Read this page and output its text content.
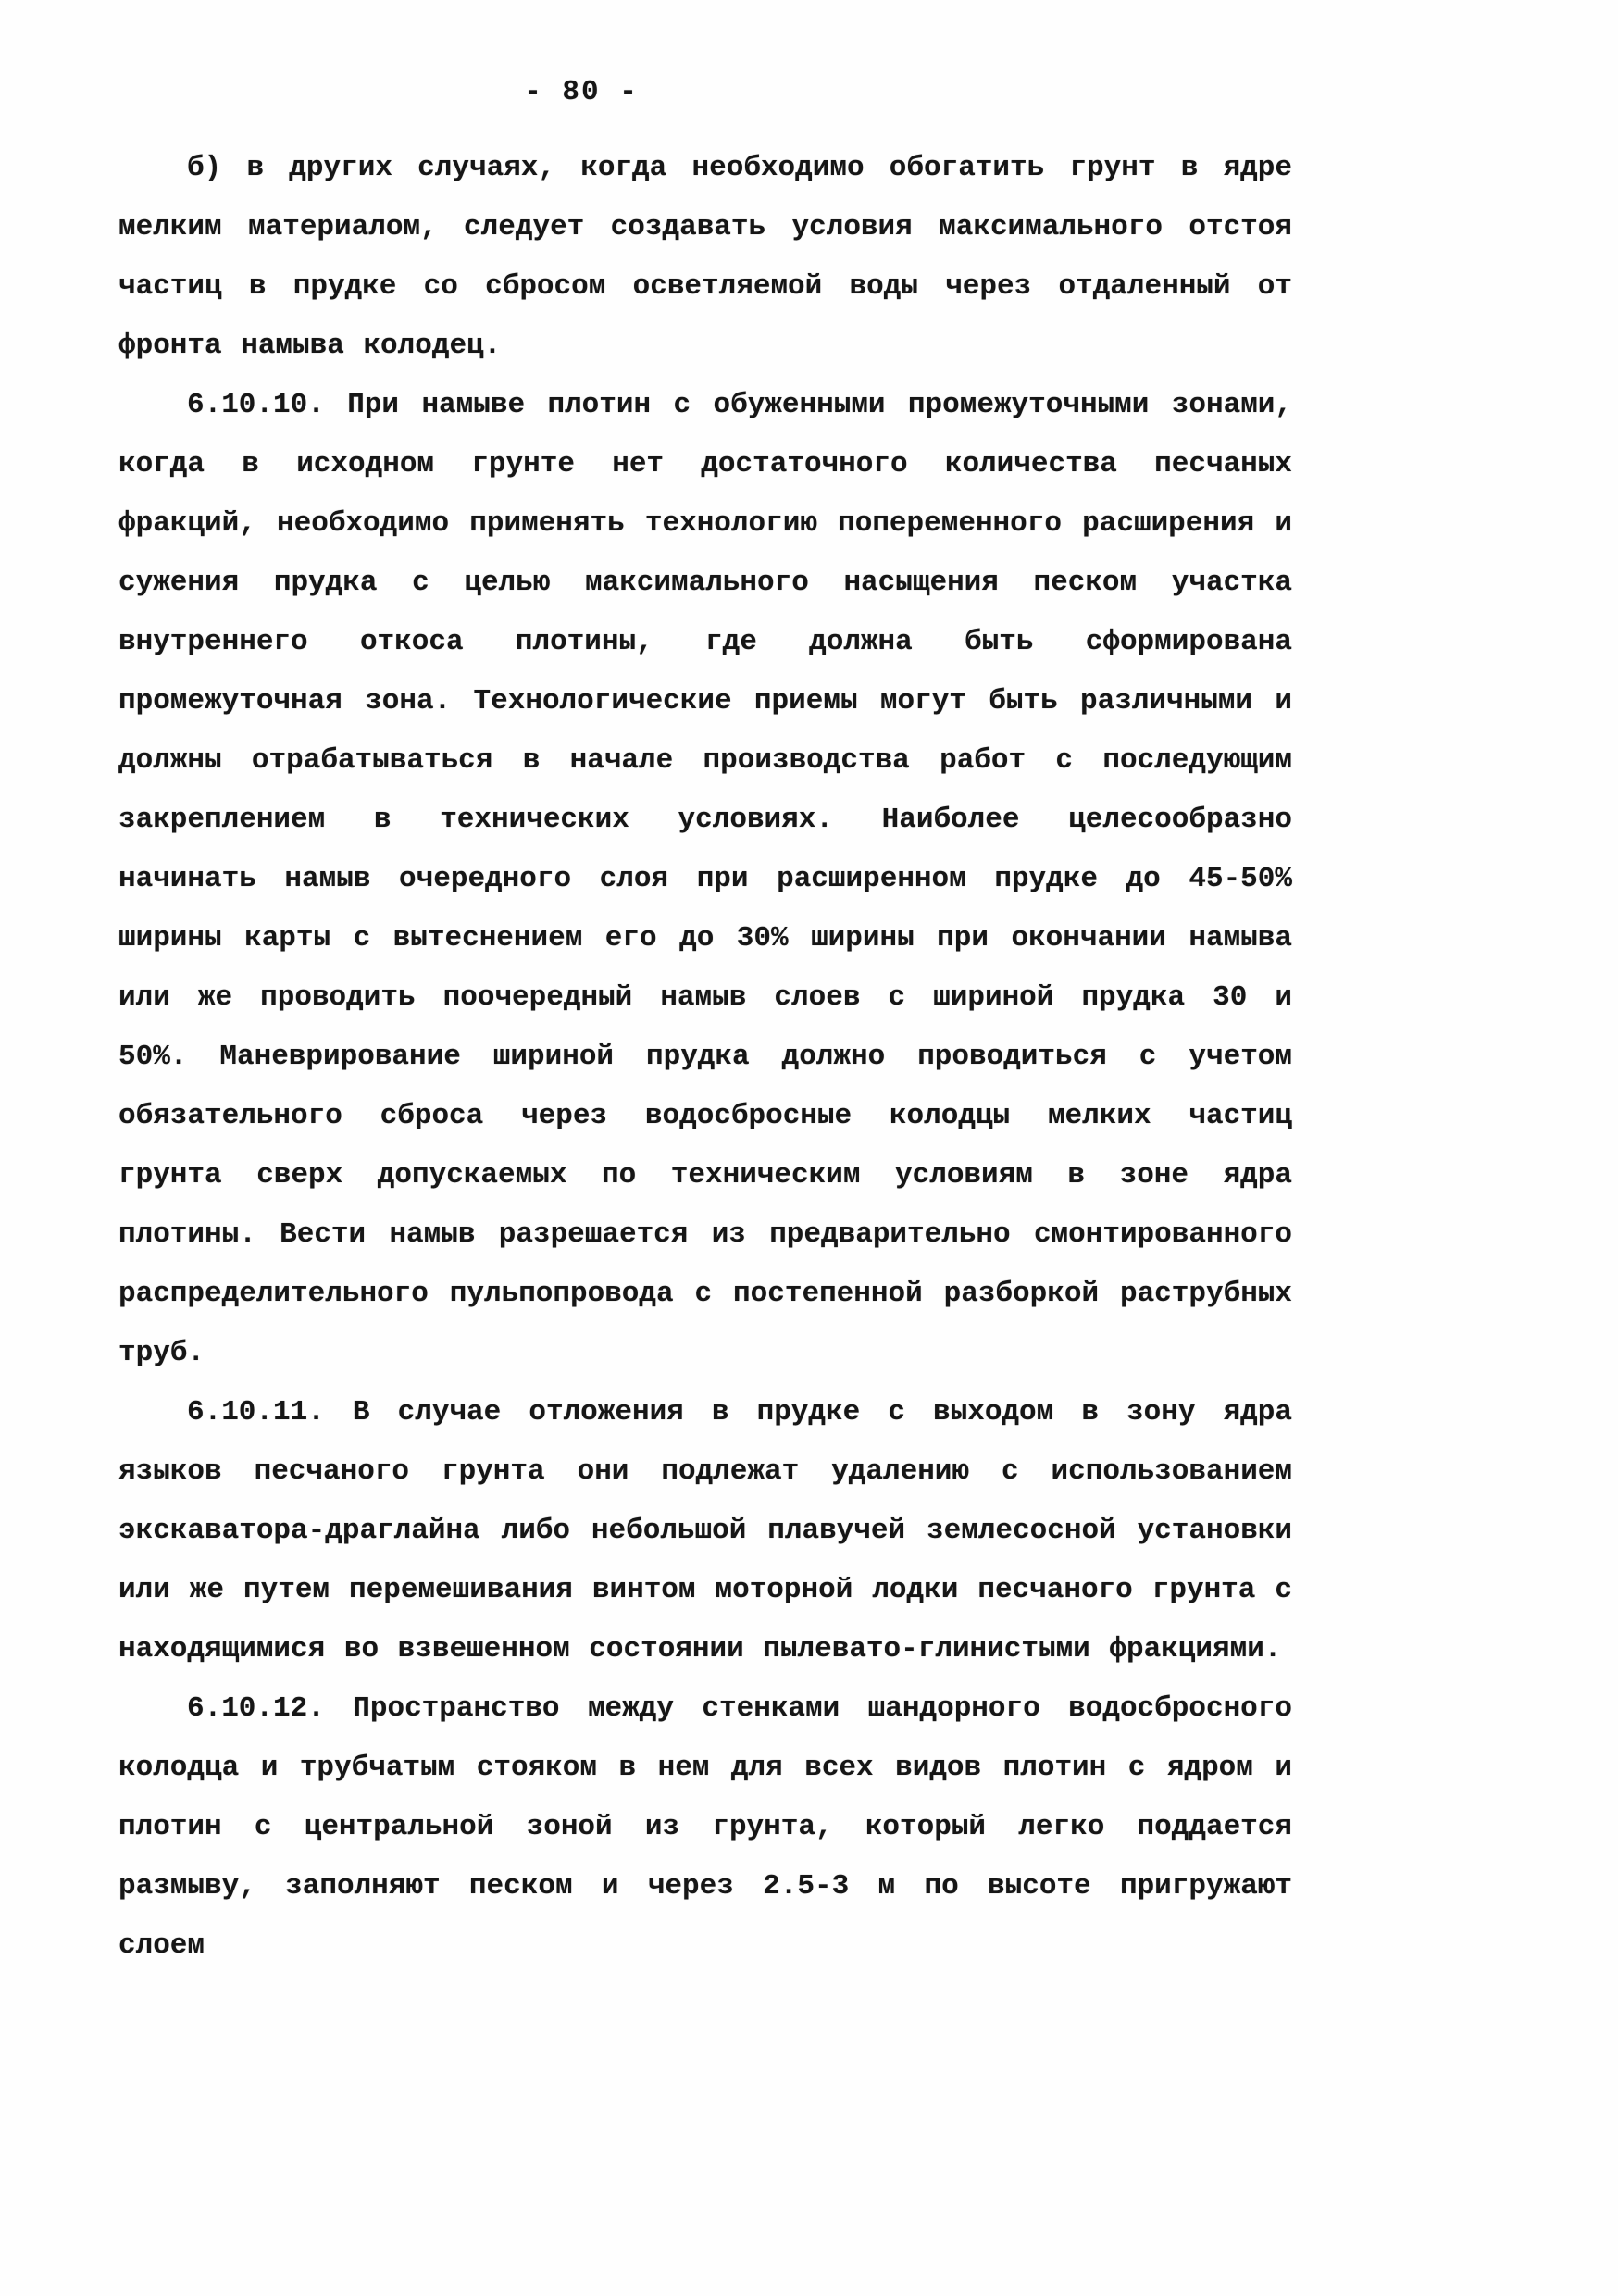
- 80 -

б) в других случаях, когда необходимо обогатить грунт в ядре мелким материалом, следует создавать условия максимального отстоя частиц в прудке со сбросом осветляемой воды через отдаленный от фронта намыва колодец.

6.10.10. При намыве плотин с обуженными промежуточными зонами, когда в исходном грунте нет достаточного количества песчаных фракций, необходимо применять технологию попеременного расширения и сужения прудка с целью максимального насыщения песком участка внутреннего откоса плотины, где должна быть сформирована промежуточная зона. Технологические приемы могут быть различными и должны отрабатываться в начале производства работ с последующим закреплением в технических условиях. Наиболее целесообразно начинать намыв очередного слоя при расширенном прудке до 45-50% ширины карты с вытеснением его до 30% ширины при окончании намыва или же проводить поочередный намыв слоев с шириной прудка 30 и 50%. Маневрирование шириной прудка должно проводиться с учетом обязательного сброса через водосбросные колодцы мелких частиц грунта сверх допускаемых по техническим условиям в зоне ядра плотины. Вести намыв разрешается из предварительно смонтированного распределительного пульпопровода с постепенной разборкой раструбных труб.

6.10.11. В случае отложения в прудке с выходом в зону ядра языков песчаного грунта они подлежат удалению с использованием экскаватора-драглайна либо небольшой плавучей землесосной установки или же путем перемешивания винтом моторной лодки песчаного грунта с находящимися во взвешенном состоянии пылевато-глинистыми фракциями.

6.10.12. Пространство между стенками шандорного водосбросного колодца и трубчатым стояком в нем для всех видов плотин с ядром и плотин с центральной зоной из грунта, который легко поддается размыву, заполняют песком и через 2.5-3 м по высоте пригружают слоем
